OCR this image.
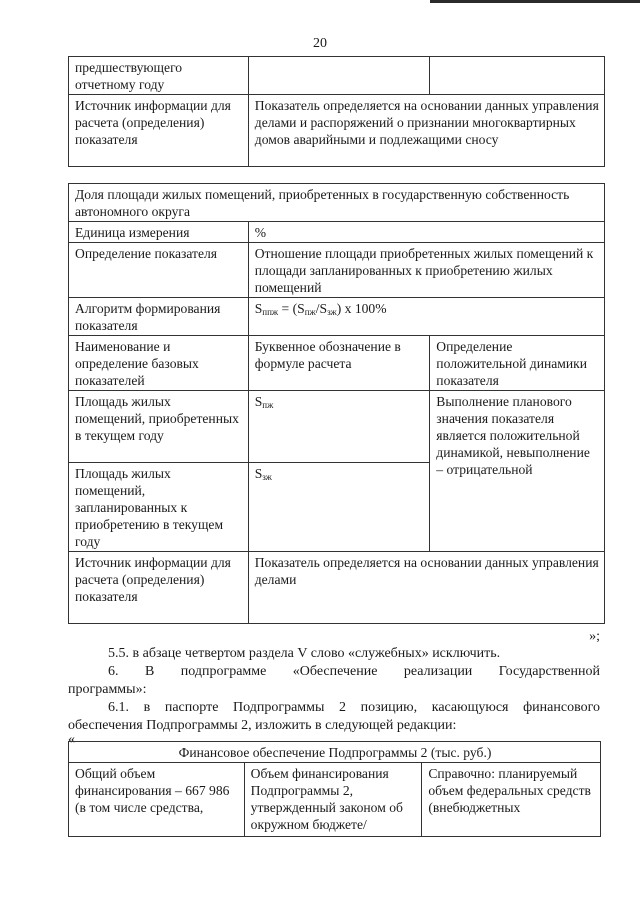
20
предшествующего отчетному году		
Источник информации для расчета (определения) показателя	Показатель определяется на основании данных управления делами и распоряжений о признании многоквартирных домов аварийными и подлежащими сносу	
Доля площади жилых помещений, приобретенных в государственную собственность автономного округа		
Единица измерения	%	
Определение показателя	Отношение площади приобретенных жилых помещений к площади запланированных к приобретению жилых помещений	
Алгоритм формирования показателя	$S_{ппж} = (S_{пж}/S_{зж})$ х 100%	
Наименование и определение базовых показателей	Буквенное обозначение в формуле расчета	Определение положительной динамики показателя
Площадь жилых помещений, приобретенных в текущем году	$S_{пж}$	Выполнение планового значения показателя является положительной динамикой, невыполнение – отрицательной
Площадь жилых помещений, запланированных к приобретению в текущем году	$S_{зж}$
Источник информации для расчета (определения) показателя	Показатель определяется на основании данных управления делами	
»;
5.5. в абзаце четвертом раздела V слово «служебных» исключить.
6. В подпрограмме «Обеспечение реализации Государственной
программы»:
6.1. в паспорте Подпрограммы 2 позицию, касающуюся финансового
обеспечения Подпрограммы 2, изложить в следующей редакции:
«
Финансовое обеспечение Подпрограммы 2 (тыс. руб.)
Общий объем финансирования – 667 986 (в том числе средства,	Объем финансирования Подпрограммы 2, утвержденный законом об окружном бюджете/	Справочно: планируемый объем федеральных средств (внебюджетных
